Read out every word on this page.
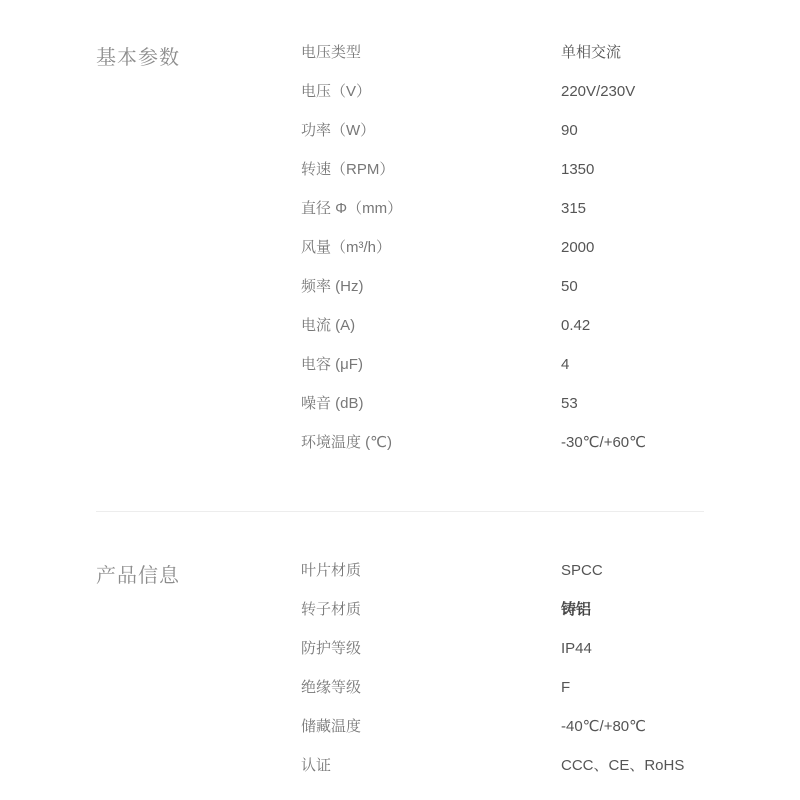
基本参数	电压类型	单相交流
电压（V）	220V/230V
功率（W）	90
转速（RPM）	1350
直径 Φ（mm）	315
风量（m³/h）	2000
频率 (Hz)	50
电流 (A)	0.42
电容 (μF)	4
噪音 (dB)	53
环境温度 (℃)	-30℃/+60℃
产品信息	叶片材质	SPCC
转子材质	铸铝
防护等级	IP44
绝缘等级	F
储藏温度	-40℃/+80℃
认证	CCC、CE、RoHS
